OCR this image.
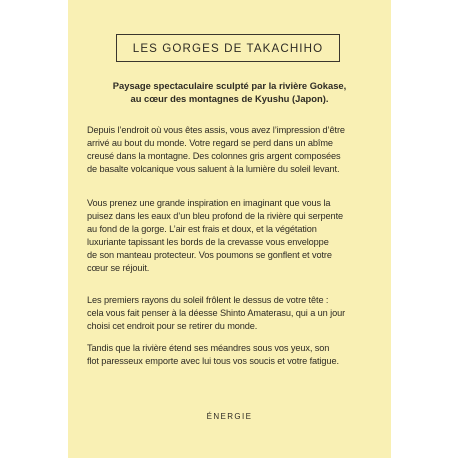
LES GORGES DE TAKACHIHO
Paysage spectaculaire sculpté par la rivière Gokase,
au cœur des montagnes de Kyushu (Japon).
Depuis l’endroit où vous êtes assis, vous avez l’impression d’être
arrivé au bout du monde. Votre regard se perd dans un abîme
creusé dans la montagne. Des colonnes gris argent composées
de basalte volcanique vous saluent à la lumière du soleil levant.
Vous prenez une grande inspiration en imaginant que vous la
puisez dans les eaux d’un bleu profond de la rivière qui serpente
au fond de la gorge. L’air est frais et doux, et la végétation
luxuriante tapissant les bords de la crevasse vous enveloppe
de son manteau protecteur. Vos poumons se gonflent et votre
cœur se réjouit.
Les premiers rayons du soleil frôlent le dessus de votre tête :
cela vous fait penser à la déesse Shinto Amaterasu, qui a un jour
choisi cet endroit pour se retirer du monde.
Tandis que la rivière étend ses méandres sous vos yeux, son
flot paresseux emporte avec lui tous vos soucis et votre fatigue.
ÉNERGIE
